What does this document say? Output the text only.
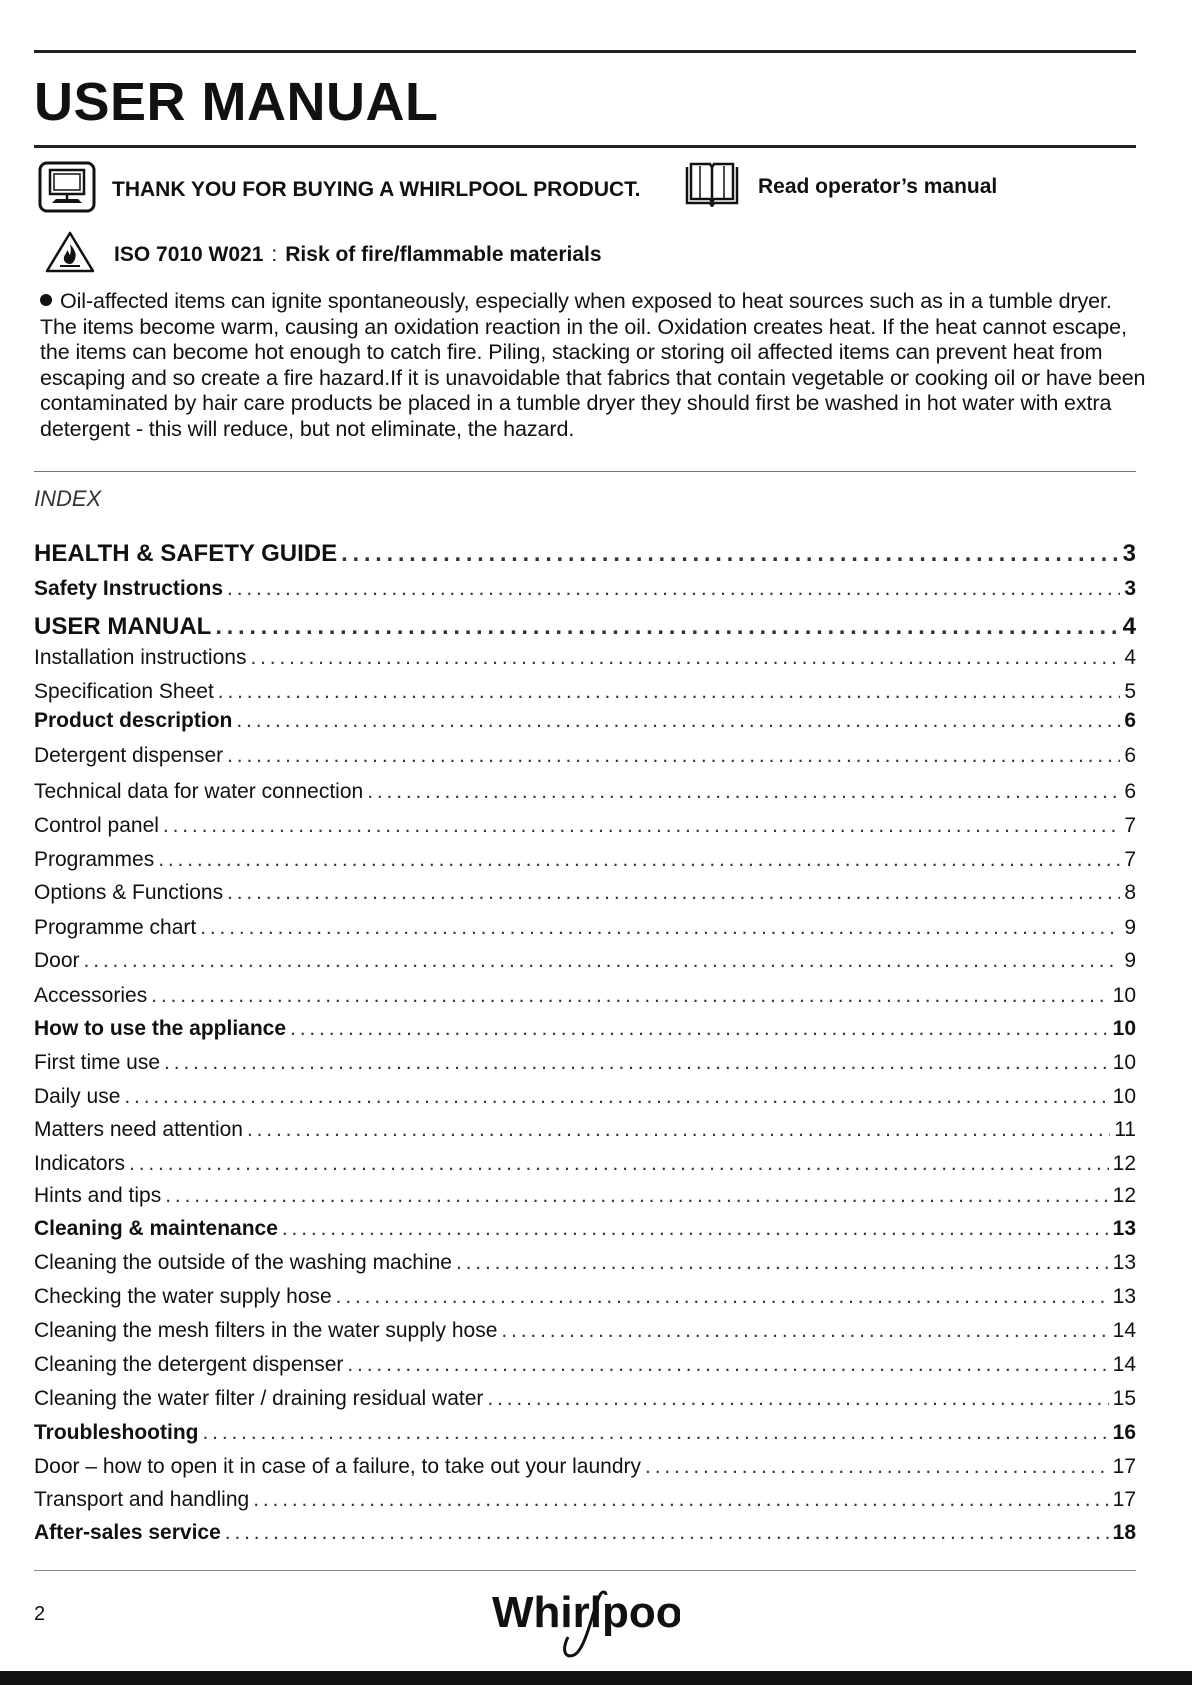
USER MANUAL
THANK YOU FOR BUYING A WHIRLPOOL PRODUCT.	Read operator’s manual
ISO 7010 W021 : Risk of fire/flammable materials

Oil-affected items can ignite spontaneously, especially when exposed to heat sources such as in a tumble dryer. The items become warm, causing an oxidation reaction in the oil. Oxidation creates heat. If the heat cannot escape, the items can become hot enough to catch fire. Piling, stacking or storing oil affected items can prevent heat from escaping and so create a fire hazard.If it is unavoidable that fabrics that contain vegetable or cooking oil or have been contaminated by hair care products be placed in a tumble dryer they should first be washed in hot water with extra detergent - this will reduce, but not eliminate, the hazard.

INDEX
HEALTH & SAFETY GUIDE . . .	3
Safety Instructions . . .	3
USER MANUAL . . .	4
Installation instructions . . .	4
Specification Sheet . . .	5
Product description . . .	6
Detergent dispenser . . .	6
Technical data for water connection . . .	6
Control panel . . .	7
Programmes . . .	7
Options & Functions . . .	8
Programme chart . . .	9
Door . . .	9
Accessories . . .	10
How to use the appliance . . .	10
First time use . . .	10
Daily use . . .	10
Matters need attention . . .	11
Indicators . . .	12
Hints and tips . . .	12
Cleaning & maintenance . . .	13
Cleaning the outside of the washing machine . . .	13
Checking the water supply hose . . .	13
Cleaning the mesh filters in the water supply hose . . .	14
Cleaning the detergent dispenser . . .	14
Cleaning the water filter / draining residual water . . .	15
Troubleshooting . . .	16
Door – how to open it in case of a failure, to take out your laundry . . .	17
Transport and handling . . .	17
After-sales service . . .	18
2	Whirlpool
